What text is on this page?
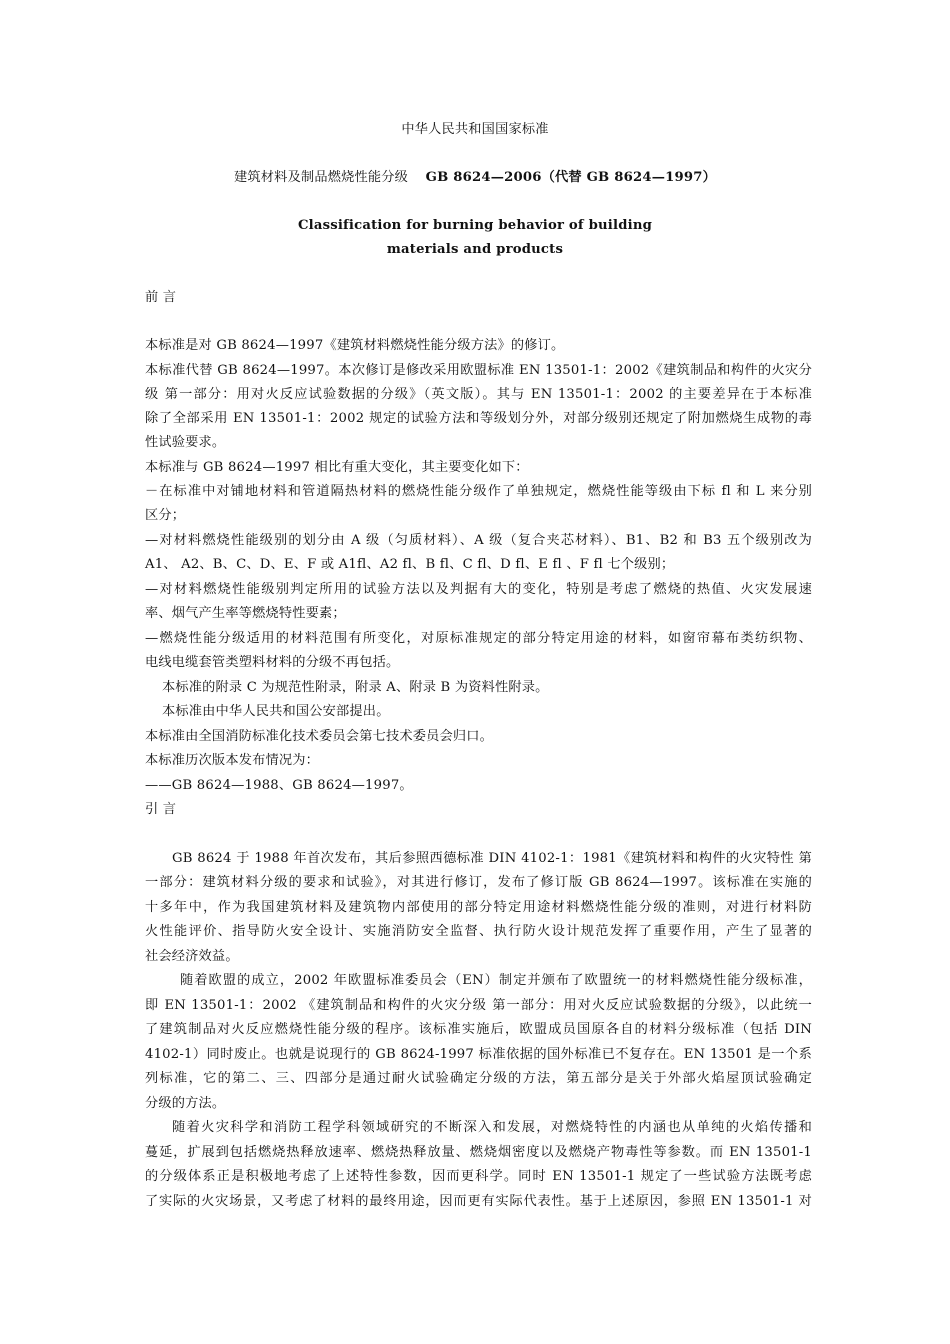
中华人民共和国国家标准
建筑材料及制品燃烧性能分级 GB 8624—2006（代替 GB 8624—1997）
Classification for burning behavior of building
materials and products
前 言
本标准是对 GB 8624—1997《建筑材料燃烧性能分级方法》的修订。
本标准代替 GB 8624—1997。本次修订是修改采用欧盟标准 EN 13501-1：2002《建筑制品和构件的火灾分
级 第一部分：用对火反应试验数据的分级》（英文版）。其与 EN 13501-1：2002 的主要差异在于本标准
除了全部采用 EN 13501-1：2002 规定的试验方法和等级划分外，对部分级别还规定了附加燃烧生成物的毒
性试验要求。
本标准与 GB 8624—1997 相比有重大变化，其主要变化如下：
－在标准中对铺地材料和管道隔热材料的燃烧性能分级作了单独规定，燃烧性能等级由下标 fl 和 L 来分别
区分；
—对材料燃烧性能级别的划分由 A 级（匀质材料）、A 级（复合夹芯材料）、B1、B2 和 B3 五个级别改为
A1、 A2、B、C、D、E、F 或 A1fl、A2 fl、B fl、C fl、D fl、E fl 、F fl 七个级别；
—对材料燃烧性能级别判定所用的试验方法以及判据有大的变化，特别是考虑了燃烧的热值、火灾发展速
率、烟气产生率等燃烧特性要素；
—燃烧性能分级适用的材料范围有所变化，对原标准规定的部分特定用途的材料，如窗帘幕布类纺织物、
电线电缆套管类塑料材料的分级不再包括。
本标准的附录 C 为规范性附录，附录 A、附录 B 为资料性附录。
本标准由中华人民共和国公安部提出。
本标准由全国消防标准化技术委员会第七技术委员会归口。
本标准历次版本发布情况为：
——GB 8624—1988、GB 8624—1997。
引 言
GB 8624 于 1988 年首次发布，其后参照西德标准 DIN 4102-1：1981《建筑材料和构件的火灾特性 第
一部分：建筑材料分级的要求和试验》，对其进行修订，发布了修订版 GB 8624—1997。该标准在实施的
十多年中，作为我国建筑材料及建筑物内部使用的部分特定用途材料燃烧性能分级的准则，对进行材料防
火性能评价、指导防火安全设计、实施消防安全监督、执行防火设计规范发挥了重要作用，产生了显著的
社会经济效益。
随着欧盟的成立，2002 年欧盟标准委员会（EN）制定并颁布了欧盟统一的材料燃烧性能分级标准，
即 EN 13501-1：2002 《建筑制品和构件的火灾分级 第一部分：用对火反应试验数据的分级》，以此统一
了建筑制品对火反应燃烧性能分级的程序。该标准实施后，欧盟成员国原各自的材料分级标准（包括 DIN
4102-1）同时废止。也就是说现行的 GB 8624-1997 标准依据的国外标准已不复存在。EN 13501 是一个系
列标准，它的第二、三、四部分是通过耐火试验确定分级的方法，第五部分是关于外部火焰屋顶试验确定
分级的方法。
随着火灾科学和消防工程学科领域研究的不断深入和发展，对燃烧特性的内涵也从单纯的火焰传播和
蔓延，扩展到包括燃烧热释放速率、燃烧热释放量、燃烧烟密度以及燃烧产物毒性等参数。而 EN 13501-1
的分级体系正是积极地考虑了上述特性参数，因而更科学。同时 EN 13501-1 规定了一些试验方法既考虑
了实际的火灾场景，又考虑了材料的最终用途，因而更有实际代表性。基于上述原因，参照 EN 13501-1 对
